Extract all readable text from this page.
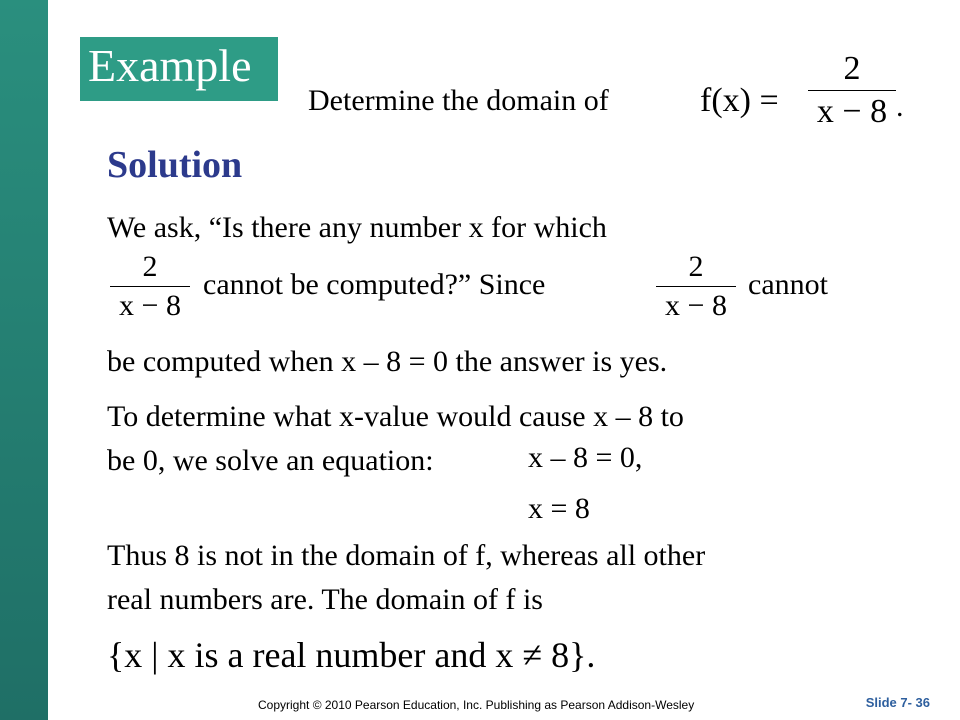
Example
Determine the domain of	f(x) =
2
x − 8 .
Solution
We ask, “Is there any number x for which
2
x − 8
cannot be computed?” Since
2
x − 8
cannot
be computed when x – 8 = 0 the answer is yes.
To determine what x-value would cause x – 8 to
be 0, we solve an equation:	x – 8 = 0,
x = 8
Thus 8 is not in the domain of f, whereas all other
real numbers are. The domain of f is
{x | x is a real number and x ≠ 8}.
Copyright © 2010 Pearson Education, Inc. Publishing as Pearson Addison-Wesley	Slide 7- 36
